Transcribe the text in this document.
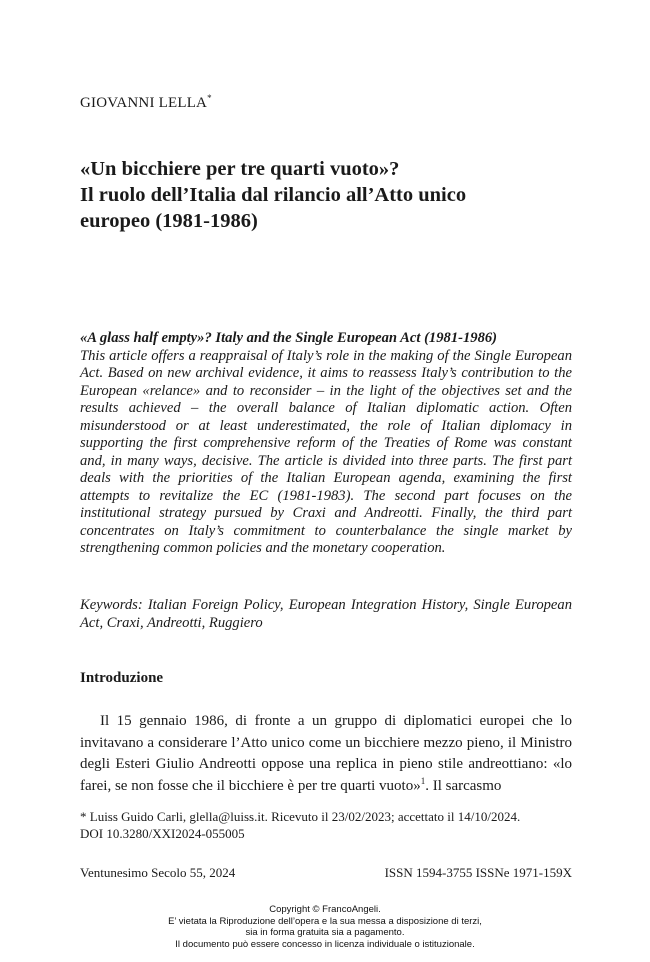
GIOVANNI LELLA*
«Un bicchiere per tre quarti vuoto»?
Il ruolo dell’Italia dal rilancio all’Atto unico
europeo (1981-1986)
«A glass half empty»? Italy and the Single European Act (1981-1986)

This article offers a reappraisal of Italy’s role in the making of the Single European Act. Based on new archival evidence, it aims to reassess Italy’s contribution to the European «relance» and to reconsider – in the light of the objectives set and the results achieved – the overall balance of Italian diplomatic action. Often misunderstood or at least underestimated, the role of Italian diplomacy in supporting the first comprehensive reform of the Treaties of Rome was constant and, in many ways, decisive. The article is divided into three parts. The first part deals with the priorities of the Italian European agenda, examining the first attempts to revitalize the EC (1981-1983). The second part focuses on the institutional strategy pursued by Craxi and Andreotti. Finally, the third part concentrates on Italy’s commitment to counterbalance the single market by strengthening common policies and the monetary cooperation.

Keywords: Italian Foreign Policy, European Integration History, Single European Act, Craxi, Andreotti, Ruggiero
Introduzione

Il 15 gennaio 1986, di fronte a un gruppo di diplomatici europei che lo invitavano a considerare l’Atto unico come un bicchiere mezzo pieno, il Ministro degli Esteri Giulio Andreotti oppose una replica in pieno stile andreottiano: «lo farei, se non fosse che il bicchiere è per tre quarti vuoto»$^1$. Il sarcasmo

* Luiss Guido Carli, glella@luiss.it. Ricevuto il 23/02/2023; accettato il 14/10/2024.
DOI 10.3280/XXI2024-055005
Ventunesimo Secolo 55, 2024	ISSN 1594-3755 ISSNe 1971-159X
Copyright © FrancoAngeli.
E’ vietata la Riproduzione dell’opera e la sua messa a disposizione di terzi,
sia in forma gratuita sia a pagamento.
Il documento può essere concesso in licenza individuale o istituzionale.
